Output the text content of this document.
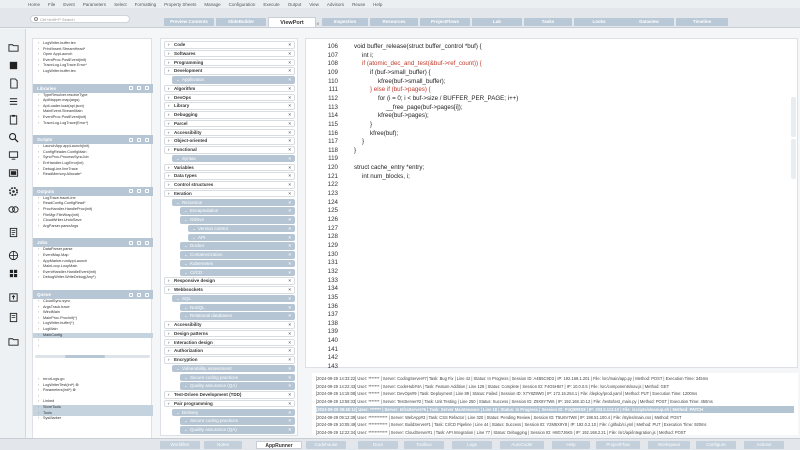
Home File Event Parameters Select Formatting Property Sheets Manage Configuration Execute Output View Advisors Reuse Help
Ctrl+shift+P Search
ViewPort
Preview Contents	SlideBuilder	Inspection	Resources	ProjectFlows	Lab	Tasks	Locks	Dataview	Timeline
×
› LogWriter.buffer.tex
› Print/Insert.StreamHead*
› Open AppLaunch
› EventProc.PostEvent(init)
› TraceLog.LogTrace.Error*
› LogWriter.buffer.tex
Libraries
› TypeResolver.resolveType
› ApiMapper.map(args)
› ApiLoader.load(api.json)
› MainEvent.StreamMain
› EventProc.PostEvent(init)
› TraceLog.LogTrace(Error*)
Scripts
› LaunchApp.appLaunch(init)
› ConfigReader.ConfigMain
› SyncProc.ProcessSyncJob
› ErrHandler.LogError(int)
› DebugLine.lineTrace
› ReadMemory.Allocate*
Outputs
› LogTrace.traceLine
› ReadConfig.ConfigRead*
› ProcHandler.HandleProc(init)
› FileMgr.FileWrap(init)
› CloudWriter.UndoSave
› ArgParser.parseArgs
Jobs
› DataParser.parse
› EventMap.Map
› AppMarker.runAppLaunch
› MainLoop.LoopMain
› EventHandler.HandleEvent(init)
› DebugWriter.WriteDebug(Any*)
Queue
› CloudSync.sync
› ArgsTrack.trace
› WindMain
› MainProc.ProcInit(*)
› LogWriter.buffer(*)
› LogMain
› MainConfig
›
›
› errorLogs.go
› LogWriterTest(int*) ⊗
› Parameters(init*) ⊗
›
› Linked
› StoreTools
› Tools
› SysMarker
› Code	×
› Softwares	×
› Programming	×
› Development	×
⌄ Application	×
› Algorithm	×
› DevOps	×
› Library	×
› Debugging	×
› Parcel	×
› Accessibility	×
› Object-oriented	×
› Functional	×
⌄ Syntax	×
› Variables	×
› Data types	×
› Control structures	×
› Iteration	×
⌄ Recursion	×
⌄ Encapsulation	×
⌄ Git/svn	×
⌄ Version control	×
⌄ API	×
⌄ Docker	×
⌄ Containerization	×
⌄ Kubernetes	×
⌄ CI/CD	×
› Responsive design	×
› Webbsockets	×
⌄ SQL	×
⌄ NoSQL	×
⌄ Relational databases	×
› Accessibility	×
› Design patterns	×
› Interaction design	×
› Authorization	×
› Encryption	×
⌄ Vulnerability assessment	×
⌄ Secure coding practices	×
⌄ Quality assurance (QA)	×
› Test-Driven Development (TDD)	×
› Pair programming	×
⌄ Delivery	×
⌄ Secure coding practices	×
⌄ Quality assurance (QA)	×
106
107
108
109
110
111
112
113
114
115
116
117
118
119
120
121
122
123
124
125
126
127
128
129
130
131
132
133
134
135
136
137
138
139
140
141
142
143
void buffer_release(struct buffer_control *buf) {
int i;
if (atomic_dec_and_test(&buf->ref_count)) {
if (buf->small_buffer) {
kfree(buf->small_buffer);
} else if (buf->pages) {
for (i = 0; i < buf->size / BUFFER_PER_PAGE; i++)
__free_page(buf->pages[i]);
kfree(buf->pages);
}
kfree(buf);
}
}
struct cache_entry *entry;
int num_blocks, i;
[2024-09-29 14:33:22] User: ******* | Server: CodingServer#7| Task: Bug Fix | Line 42 | Status: In Progress | Session ID: A4B5C9D3 | IP: 192.168.1.201 | File: /src/main/app.py | Method: POST | Execution Time: 345ms
[2024-09-29 14:22:43] User: ******* | Server: CodeHub#4A | Task: Feature Addition | Line 128 | Status: Complete | Session ID: F4G5H6I7 | IP: 10.0.0.5 | File: /src/components/nav.js | Method: GET
[2024-09-29 14:15:08] User: ******* | Server: DevOps#9 | Task: Deployment | Line 89 | Status: Failed | Session ID: X7Y8Z9W0 | IP: 172.16.254.1 | File: /deploy/prod.yaml | Method: PUT | Execution Time: 1200ms
[2024-09-29 13:59:33] User: ******* | Server: TestServer#2 | Task: Unit Testing | Line 250 | Status: Success | Session ID: Z9X8Y7W6 | IP: 192.168.10.12 | File: /tests/test_main.py | Method: POST | Execution Time: 450ms
[2024-09-29 08:45:12] User: ******* | Server: InfraServer#5 | Task: Server Maintenance | Line 18 | Status: In Progress | Session ID: P4Q8R9S8 | IP: 203.0.113.10 | File: /scripts/cleanup.sh | Method: PATCH
[2024-09-29 09:12:39] User: ************ | Server: WebApp#3 | Task: CSS Refactor | Line 320 | Status: Pending Review | Session ID: T5U6V7W8 | IP: 198.51.100.4 | File: /styles/main.css | Method: POST
[2024-09-29 10:05:49] User: ************ | Server: BuildServer#1 | Task: CI/CD Pipeline | Line 44 | Status: Success | Session ID: Y2M6X9Y8 | IP: 192.0.2.10 | File: /.github/ci.yml | Method: PUT | Execution Time: 920ms
[2024-09-29 12:22:34] User: ************ | Server: CloudServer#1 | Task: API Integration | Line 77 | Status: Debugging | Session ID: H8G7J6K5 | IP: 192.168.2.21 | File: /src/api/integration.js | Method: POST
Workfilter	Notes	AppRunner	Codehouse	Docs	Toolbox	Logs	AutoCoder	Help	ProjectFlow	Workspace	Configure	Actions
